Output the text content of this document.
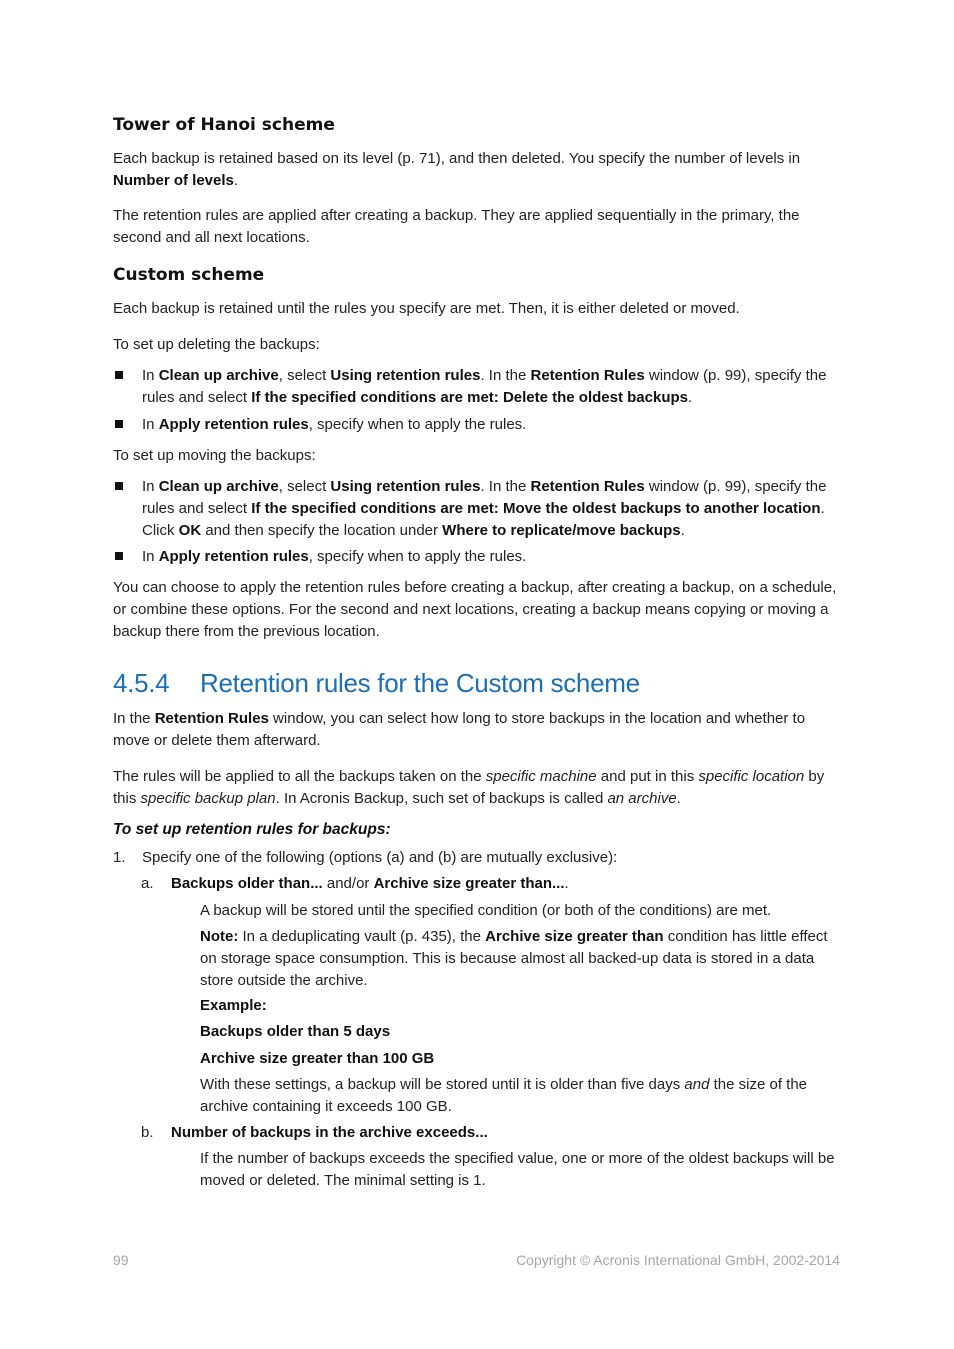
Tower of Hanoi scheme
Each backup is retained based on its level (p. 71), and then deleted. You specify the number of levels in Number of levels.
The retention rules are applied after creating a backup. They are applied sequentially in the primary, the second and all next locations.
Custom scheme
Each backup is retained until the rules you specify are met. Then, it is either deleted or moved.
To set up deleting the backups:
In Clean up archive, select Using retention rules. In the Retention Rules window (p. 99), specify the rules and select If the specified conditions are met: Delete the oldest backups.
In Apply retention rules, specify when to apply the rules.
To set up moving the backups:
In Clean up archive, select Using retention rules. In the Retention Rules window (p. 99), specify the rules and select If the specified conditions are met: Move the oldest backups to another location. Click OK and then specify the location under Where to replicate/move backups.
In Apply retention rules, specify when to apply the rules.
You can choose to apply the retention rules before creating a backup, after creating a backup, on a schedule, or combine these options. For the second and next locations, creating a backup means copying or moving a backup there from the previous location.
4.5.4 Retention rules for the Custom scheme
In the Retention Rules window, you can select how long to store backups in the location and whether to move or delete them afterward.
The rules will be applied to all the backups taken on the specific machine and put in this specific location by this specific backup plan. In Acronis Backup, such set of backups is called an archive.
To set up retention rules for backups:
1. Specify one of the following (options (a) and (b) are mutually exclusive):
a. Backups older than... and/or Archive size greater than....
A backup will be stored until the specified condition (or both of the conditions) are met.
Note: In a deduplicating vault (p. 435), the Archive size greater than condition has little effect on storage space consumption. This is because almost all backed-up data is stored in a data store outside the archive.
Example:
Backups older than 5 days
Archive size greater than 100 GB
With these settings, a backup will be stored until it is older than five days and the size of the archive containing it exceeds 100 GB.
b. Number of backups in the archive exceeds...
If the number of backups exceeds the specified value, one or more of the oldest backups will be moved or deleted. The minimal setting is 1.
99	Copyright © Acronis International GmbH, 2002-2014
